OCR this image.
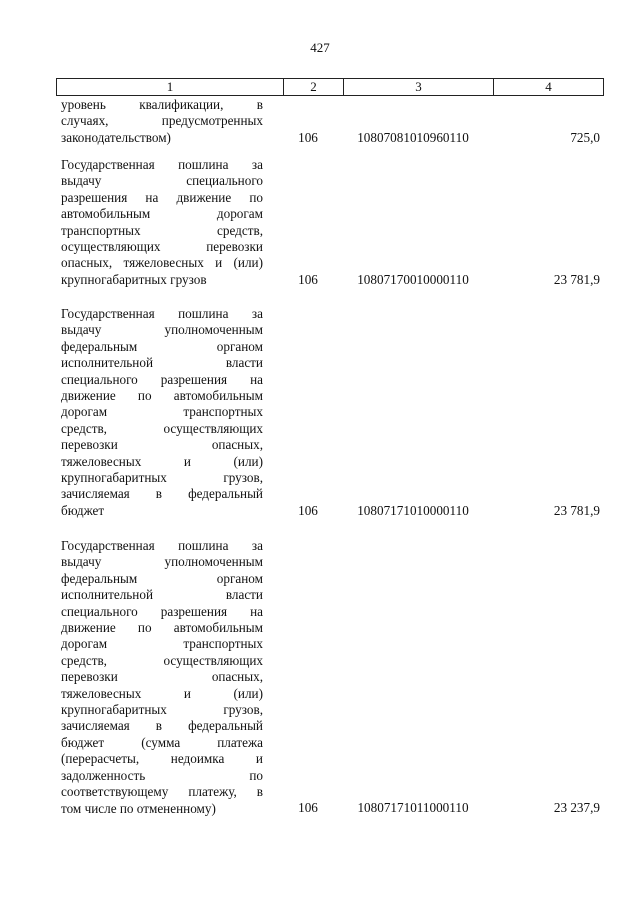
427
1	2	3	4
уровень квалификации, в
случаях, предусмотренных
законодательством)	106	10807081010960110	725,0
Государственная пошлина за
выдачу специального
разрешения на движение по
автомобильным дорогам
транспортных средств,
осуществляющих перевозки
опасных, тяжеловесных и (или)
крупногабаритных грузов	106	10807170010000110	23 781,9
Государственная пошлина за
выдачу уполномоченным
федеральным органом
исполнительной власти
специального разрешения на
движение по автомобильным
дорогам транспортных
средств, осуществляющих
перевозки опасных,
тяжеловесных и (или)
крупногабаритных грузов,
зачисляемая в федеральный
бюджет	106	10807171010000110	23 781,9
Государственная пошлина за
выдачу уполномоченным
федеральным органом
исполнительной власти
специального разрешения на
движение по автомобильным
дорогам транспортных
средств, осуществляющих
перевозки опасных,
тяжеловесных и (или)
крупногабаритных грузов,
зачисляемая в федеральный
бюджет (сумма платежа
(перерасчеты, недоимка и
задолженность по
соответствующему платежу, в
том числе по отмененному)	106	10807171011000110	23 237,9
